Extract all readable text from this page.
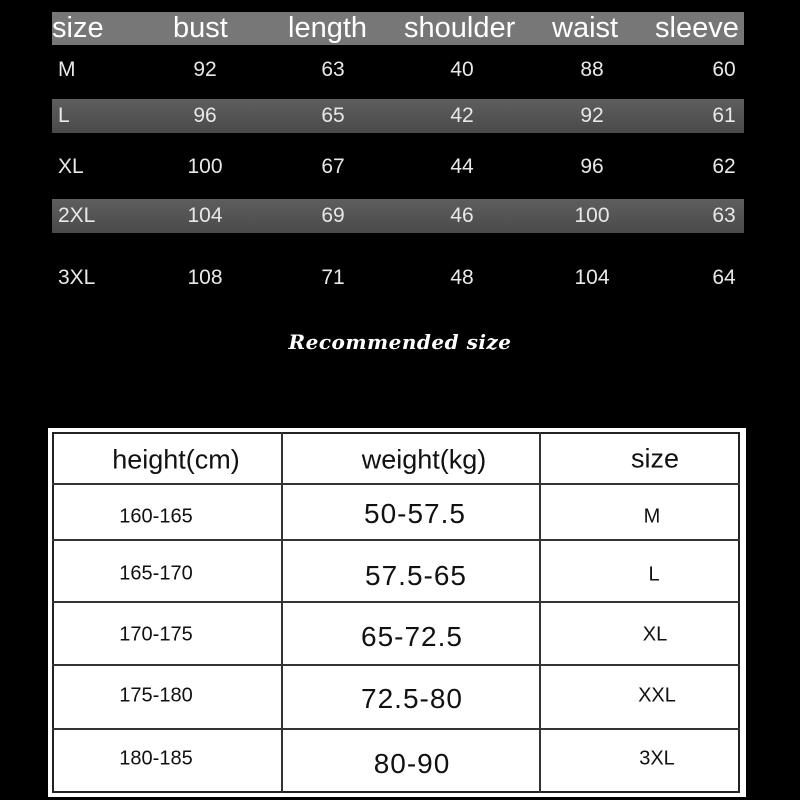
size bust length shoulder waist sleeve
M	92	63	40	88	60
L	96	65	42	92	61
XL	100	67	44	96	62
2XL	104	69	46	100	63
3XL	108	71	48	104	64
Recommended size
height(cm)	weight(kg)	size
160-165	50-57.5	M
165-170	57.5-65	L
170-175	65-72.5	XL
175-180	72.5-80	XXL
180-185	80-90	3XL
